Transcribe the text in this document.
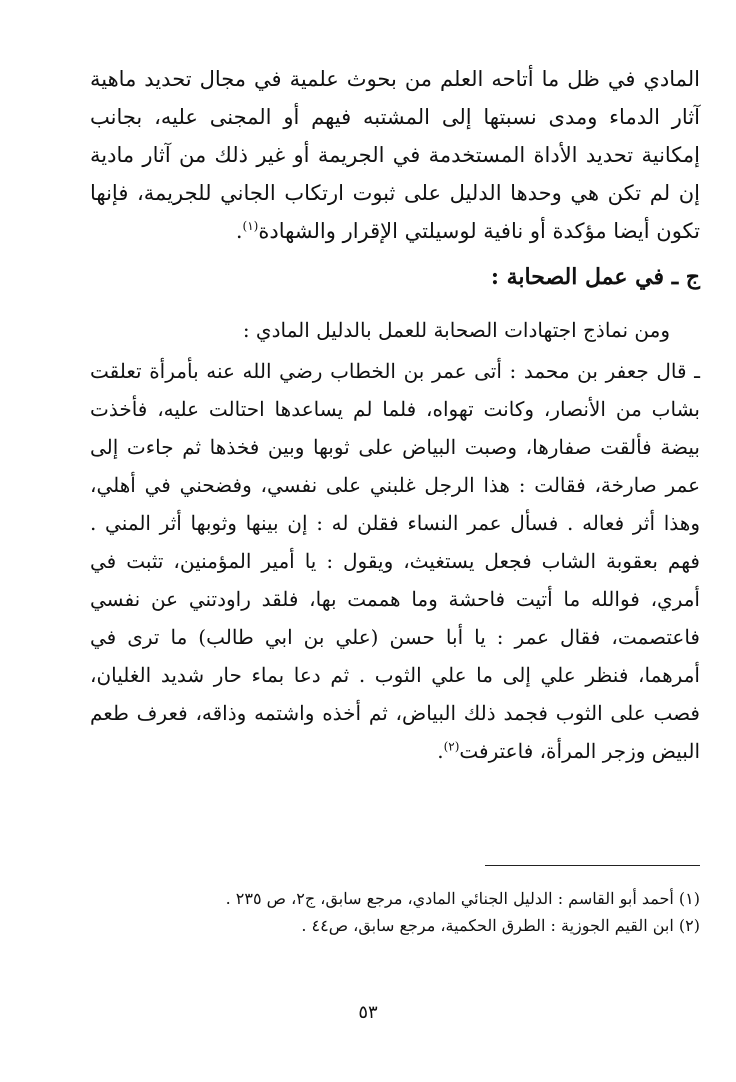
المادي في ظل ما أتاحه العلم من بحوث علمية في مجال تحديد ماهية آثار الدماء ومدى نسبتها إلى المشتبه فيهم أو المجنى عليه، بجانب إمكانية تحديد الأداة المستخدمة في الجريمة أو غير ذلك من آثار مادية إن لم تكن هي وحدها الدليل على ثبوت ارتكاب الجاني للجريمة، فإنها تكون أيضا مؤكدة أو نافية لوسيلتي الإقرار والشهادة$^{(١)}$.

ج ـ في عمل الصحابة :

ومن نماذج اجتهادات الصحابة للعمل بالدليل المادي :

ـ قال جعفر بن محمد : أتى عمر بن الخطاب رضي الله عنه بأمرأة تعلقت بشاب من الأنصار، وكانت تهواه، فلما لم يساعدها احتالت عليه، فأخذت بيضة فألقت صفارها، وصبت البياض على ثوبها وبين فخذها ثم جاءت إلى عمر صارخة، فقالت : هذا الرجل غلبني على نفسي، وفضحني في أهلي، وهذا أثر فعاله . فسأل عمر النساء فقلن له : إن بينها وثوبها أثر المني . فهم بعقوبة الشاب فجعل يستغيث، ويقول : يا أمير المؤمنين، تثبت في أمري، فوالله ما أتيت فاحشة وما هممت بها، فلقد راودتني عن نفسي فاعتصمت، فقال عمر : يا أبا حسن (علي بن ابي طالب) ما ترى في أمرهما، فنظر علي إلى ما علي الثوب . ثم دعا بماء حار شديد الغليان، فصب على الثوب فجمد ذلك البياض، ثم أخذه واشتمه وذاقه، فعرف طعم البيض وزجر المرأة، فاعترفت$^{(٢)}$.

(١) أحمد أبو القاسم : الدليل الجنائي المادي، مرجع سابق، ج٢، ص ٢٣٥ .

(٢) ابن القيم الجوزية : الطرق الحكمية، مرجع سابق، ص٤٤ .

٥٣
